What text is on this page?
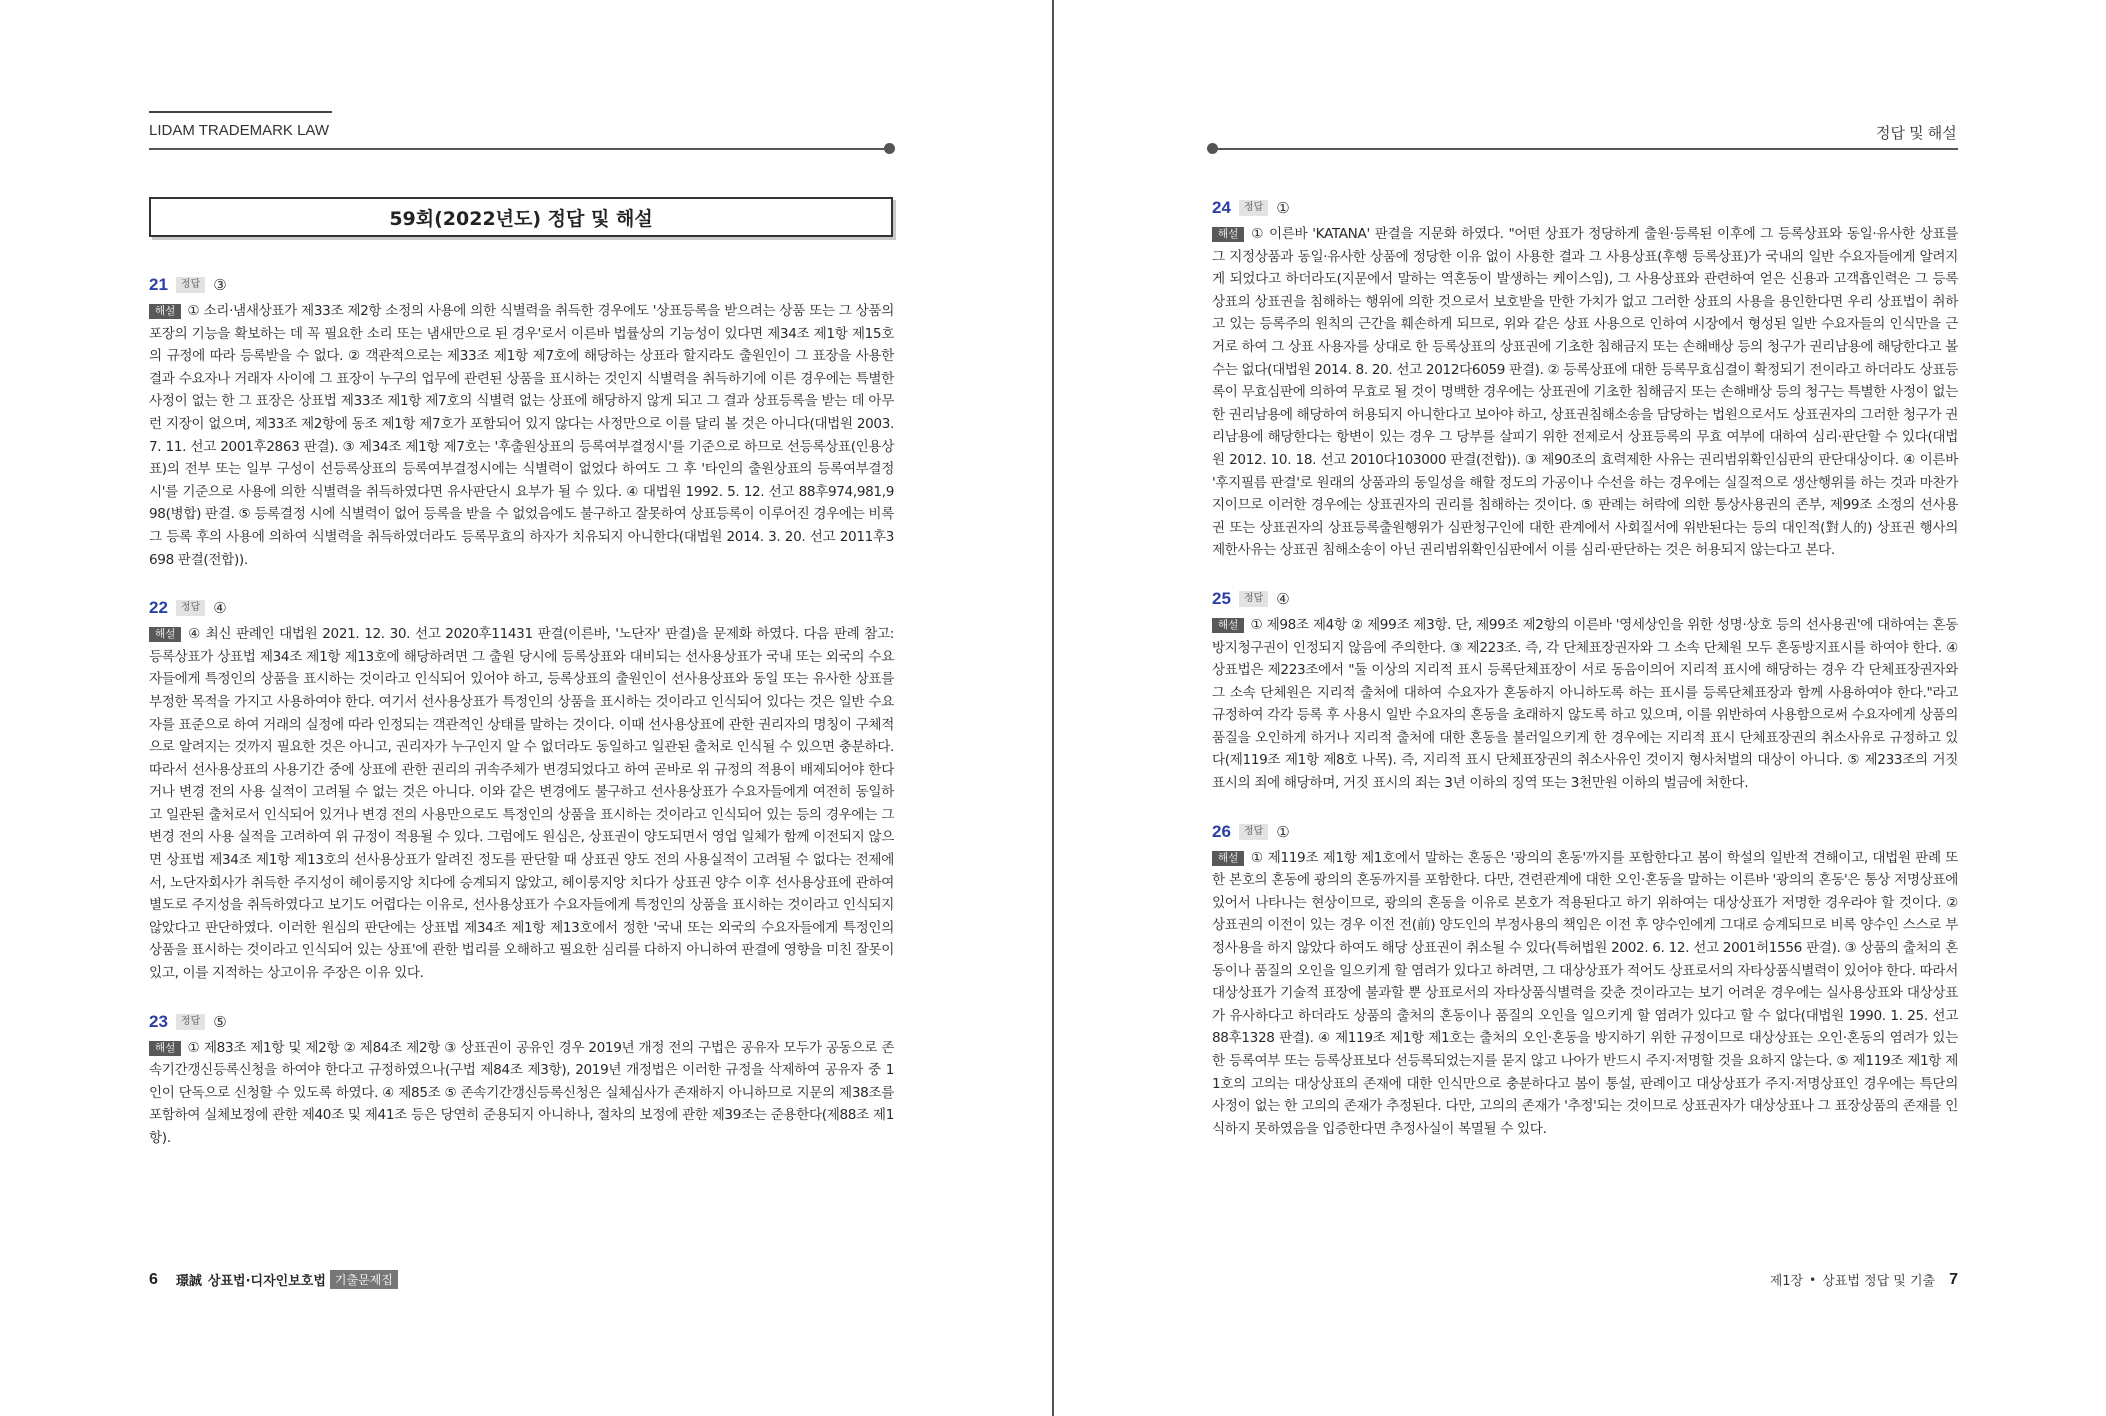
LIDAM TRADEMARK LAW
59회(2022년도) 정답 및 해설
21	정답 ③
해설 ① 소리·냄새상표가 제33조 제2항 소정의 사용에 의한 식별력을 취득한 경우에도 '상표등록을 받으려는 상품 또는 그 상품의 포장의 기능을 확보하는 데 꼭 필요한 소리 또는 냄새만으로 된 경우'로서 이른바 법률상의 기능성이 있다면 제34조 제1항 제15호의 규정에 따라 등록받을 수 없다. ② 객관적으로는 제33조 제1항 제7호에 해당하는 상표라 할지라도 출원인이 그 표장을 사용한 결과 수요자나 거래자 사이에 그 표장이 누구의 업무에 관련된 상품을 표시하는 것인지 식별력을 취득하기에 이른 경우에는 특별한 사정이 없는 한 그 표장은 상표법 제33조 제1항 제7호의 식별력 없는 상표에 해당하지 않게 되고 그 결과 상표등록을 받는 데 아무런 지장이 없으며, 제33조 제2항에 동조 제1항 제7호가 포함되어 있지 않다는 사정만으로 이를 달리 볼 것은 아니다(대법원 2003. 7. 11. 선고 2001후2863 판결). ③ 제34조 제1항 제7호는 '후출원상표의 등록여부결정시'를 기준으로 하므로 선등록상표(인용상표)의 전부 또는 일부 구성이 선등록상표의 등록여부결정시에는 식별력이 없었다 하여도 그 후 '타인의 출원상표의 등록여부결정시'를 기준으로 사용에 의한 식별력을 취득하였다면 유사판단시 요부가 될 수 있다. ④ 대법원 1992. 5. 12. 선고 88후974,981,998(병합) 판결. ⑤ 등록결정 시에 식별력이 없어 등록을 받을 수 없었음에도 불구하고 잘못하여 상표등록이 이루어진 경우에는 비록 그 등록 후의 사용에 의하여 식별력을 취득하였더라도 등록무효의 하자가 치유되지 아니한다(대법원 2014. 3. 20. 선고 2011후3698 판결(전합)).
22	정답 ④
해설 ④ 최신 판례인 대법원 2021. 12. 30. 선고 2020후11431 판결(이른바, '노단자' 판결)을 문제화 하였다. 다음 판례 참고: 등록상표가 상표법 제34조 제1항 제13호에 해당하려면 그 출원 당시에 등록상표와 대비되는 선사용상표가 국내 또는 외국의 수요자들에게 특정인의 상품을 표시하는 것이라고 인식되어 있어야 하고, 등록상표의 출원인이 선사용상표와 동일 또는 유사한 상표를 부정한 목적을 가지고 사용하여야 한다. 여기서 선사용상표가 특정인의 상품을 표시하는 것이라고 인식되어 있다는 것은 일반 수요자를 표준으로 하여 거래의 실정에 따라 인정되는 객관적인 상태를 말하는 것이다. 이때 선사용상표에 관한 권리자의 명칭이 구체적으로 알려지는 것까지 필요한 것은 아니고, 권리자가 누구인지 알 수 없더라도 동일하고 일관된 출처로 인식될 수 있으면 충분하다. 따라서 선사용상표의 사용기간 중에 상표에 관한 권리의 귀속주체가 변경되었다고 하여 곧바로 위 규정의 적용이 배제되어야 한다거나 변경 전의 사용 실적이 고려될 수 없는 것은 아니다. 이와 같은 변경에도 불구하고 선사용상표가 수요자들에게 여전히 동일하고 일관된 출처로서 인식되어 있거나 변경 전의 사용만으로도 특정인의 상품을 표시하는 것이라고 인식되어 있는 등의 경우에는 그 변경 전의 사용 실적을 고려하여 위 규정이 적용될 수 있다. 그럼에도 원심은, 상표권이 양도되면서 영업 일체가 함께 이전되지 않으면 상표법 제34조 제1항 제13호의 선사용상표가 알려진 정도를 판단할 때 상표권 양도 전의 사용실적이 고려될 수 없다는 전제에서, 노단자회사가 취득한 주지성이 헤이룽지앙 치다에 승계되지 않았고, 헤이룽지앙 치다가 상표권 양수 이후 선사용상표에 관하여 별도로 주지성을 취득하였다고 보기도 어렵다는 이유로, 선사용상표가 수요자들에게 특정인의 상품을 표시하는 것이라고 인식되지 않았다고 판단하였다. 이러한 원심의 판단에는 상표법 제34조 제1항 제13호에서 정한 '국내 또는 외국의 수요자들에게 특정인의 상품을 표시하는 것이라고 인식되어 있는 상표'에 관한 법리를 오해하고 필요한 심리를 다하지 아니하여 판결에 영향을 미친 잘못이 있고, 이를 지적하는 상고이유 주장은 이유 있다.
23	정답 ⑤
해설 ① 제83조 제1항 및 제2항 ② 제84조 제2항 ③ 상표권이 공유인 경우 2019년 개정 전의 구법은 공유자 모두가 공동으로 존속기간갱신등록신청을 하여야 한다고 규정하였으나(구법 제84조 제3항), 2019년 개정법은 이러한 규정을 삭제하여 공유자 중 1인이 단독으로 신청할 수 있도록 하였다. ④ 제85조 ⑤ 존속기간갱신등록신청은 실체심사가 존재하지 아니하므로 지문의 제38조를 포함하여 실체보정에 관한 제40조 및 제41조 등은 당연히 준용되지 아니하나, 절차의 보정에 관한 제39조는 준용한다(제88조 제1항).
6 璟誠 상표법·디자인보호법 기출문제집
정답 및 해설
24	정답 ①
해설 ① 이른바 'KATANA' 판결을 지문화 하였다. "어떤 상표가 정당하게 출원·등록된 이후에 그 등록상표와 동일·유사한 상표를 그 지정상품과 동일·유사한 상품에 정당한 이유 없이 사용한 결과 그 사용상표(후행 등록상표)가 국내의 일반 수요자들에게 알려지게 되었다고 하더라도(지문에서 말하는 역혼동이 발생하는 케이스임), 그 사용상표와 관련하여 얻은 신용과 고객흡인력은 그 등록상표의 상표권을 침해하는 행위에 의한 것으로서 보호받을 만한 가치가 없고 그러한 상표의 사용을 용인한다면 우리 상표법이 취하고 있는 등록주의 원칙의 근간을 훼손하게 되므로, 위와 같은 상표 사용으로 인하여 시장에서 형성된 일반 수요자들의 인식만을 근거로 하여 그 상표 사용자를 상대로 한 등록상표의 상표권에 기초한 침해금지 또는 손해배상 등의 청구가 권리남용에 해당한다고 볼 수는 없다(대법원 2014. 8. 20. 선고 2012다6059 판결). ② 등록상표에 대한 등록무효심결이 확정되기 전이라고 하더라도 상표등록이 무효심판에 의하여 무효로 될 것이 명백한 경우에는 상표권에 기초한 침해금지 또는 손해배상 등의 청구는 특별한 사정이 없는 한 권리남용에 해당하여 허용되지 아니한다고 보아야 하고, 상표권침해소송을 담당하는 법원으로서도 상표권자의 그러한 청구가 권리남용에 해당한다는 항변이 있는 경우 그 당부를 살피기 위한 전제로서 상표등록의 무효 여부에 대하여 심리·판단할 수 있다(대법원 2012. 10. 18. 선고 2010다103000 판결(전합)). ③ 제90조의 효력제한 사유는 권리범위확인심판의 판단대상이다. ④ 이른바 '후지필름 판결'로 원래의 상품과의 동일성을 해할 정도의 가공이나 수선을 하는 경우에는 실질적으로 생산행위를 하는 것과 마찬가지이므로 이러한 경우에는 상표권자의 권리를 침해하는 것이다. ⑤ 판례는 허락에 의한 통상사용권의 존부, 제99조 소정의 선사용권 또는 상표권자의 상표등록출원행위가 심판청구인에 대한 관계에서 사회질서에 위반된다는 등의 대인적(對人的) 상표권 행사의 제한사유는 상표권 침해소송이 아닌 권리범위확인심판에서 이를 심리·판단하는 것은 허용되지 않는다고 본다.
25	정답 ④
해설 ① 제98조 제4항 ② 제99조 제3항. 단, 제99조 제2항의 이른바 '영세상인을 위한 성명·상호 등의 선사용권'에 대하여는 혼동방지청구권이 인정되지 않음에 주의한다. ③ 제223조. 즉, 각 단체표장권자와 그 소속 단체원 모두 혼동방지표시를 하여야 한다. ④ 상표법은 제223조에서 "둘 이상의 지리적 표시 등록단체표장이 서로 동음이의어 지리적 표시에 해당하는 경우 각 단체표장권자와 그 소속 단체원은 지리적 출처에 대하여 수요자가 혼동하지 아니하도록 하는 표시를 등록단체표장과 함께 사용하여야 한다."라고 규정하여 각각 등록 후 사용시 일반 수요자의 혼동을 초래하지 않도록 하고 있으며, 이를 위반하여 사용함으로써 수요자에게 상품의 품질을 오인하게 하거나 지리적 출처에 대한 혼동을 불러일으키게 한 경우에는 지리적 표시 단체표장권의 취소사유로 규정하고 있다(제119조 제1항 제8호 나목). 즉, 지리적 표시 단체표장권의 취소사유인 것이지 형사처벌의 대상이 아니다. ⑤ 제233조의 거짓 표시의 죄에 해당하며, 거짓 표시의 죄는 3년 이하의 징역 또는 3천만원 이하의 벌금에 처한다.
26	정답 ①
해설 ① 제119조 제1항 제1호에서 말하는 혼동은 '광의의 혼동'까지를 포함한다고 봄이 학설의 일반적 견해이고, 대법원 판례 또한 본호의 혼동에 광의의 혼동까지를 포함한다. 다만, 견련관계에 대한 오인·혼동을 말하는 이른바 '광의의 혼동'은 통상 저명상표에 있어서 나타나는 현상이므로, 광의의 혼동을 이유로 본호가 적용된다고 하기 위하여는 대상상표가 저명한 경우라야 할 것이다. ② 상표권의 이전이 있는 경우 이전 전(前) 양도인의 부정사용의 책임은 이전 후 양수인에게 그대로 승계되므로 비록 양수인 스스로 부정사용을 하지 않았다 하여도 해당 상표권이 취소될 수 있다(특허법원 2002. 6. 12. 선고 2001허1556 판결). ③ 상품의 출처의 혼동이나 품질의 오인을 일으키게 할 염려가 있다고 하려면, 그 대상상표가 적어도 상표로서의 자타상품식별력이 있어야 한다. 따라서 대상상표가 기술적 표장에 불과할 뿐 상표로서의 자타상품식별력을 갖춘 것이라고는 보기 어려운 경우에는 실사용상표와 대상상표가 유사하다고 하더라도 상품의 출처의 혼동이나 품질의 오인을 일으키게 할 염려가 있다고 할 수 없다(대법원 1990. 1. 25. 선고 88후1328 판결). ④ 제119조 제1항 제1호는 출처의 오인·혼동을 방지하기 위한 규정이므로 대상상표는 오인·혼동의 염려가 있는 한 등록여부 또는 등록상표보다 선등록되었는지를 묻지 않고 나아가 반드시 주지·저명할 것을 요하지 않는다. ⑤ 제119조 제1항 제1호의 고의는 대상상표의 존재에 대한 인식만으로 충분하다고 봄이 통설, 판례이고 대상상표가 주지·저명상표인 경우에는 특단의 사정이 없는 한 고의의 존재가 추정된다. 다만, 고의의 존재가 '추정'되는 것이므로 상표권자가 대상상표나 그 표장상품의 존재를 인식하지 못하였음을 입증한다면 추정사실이 복멸될 수 있다.
제1장 • 상표법 정답 및 기출 7
